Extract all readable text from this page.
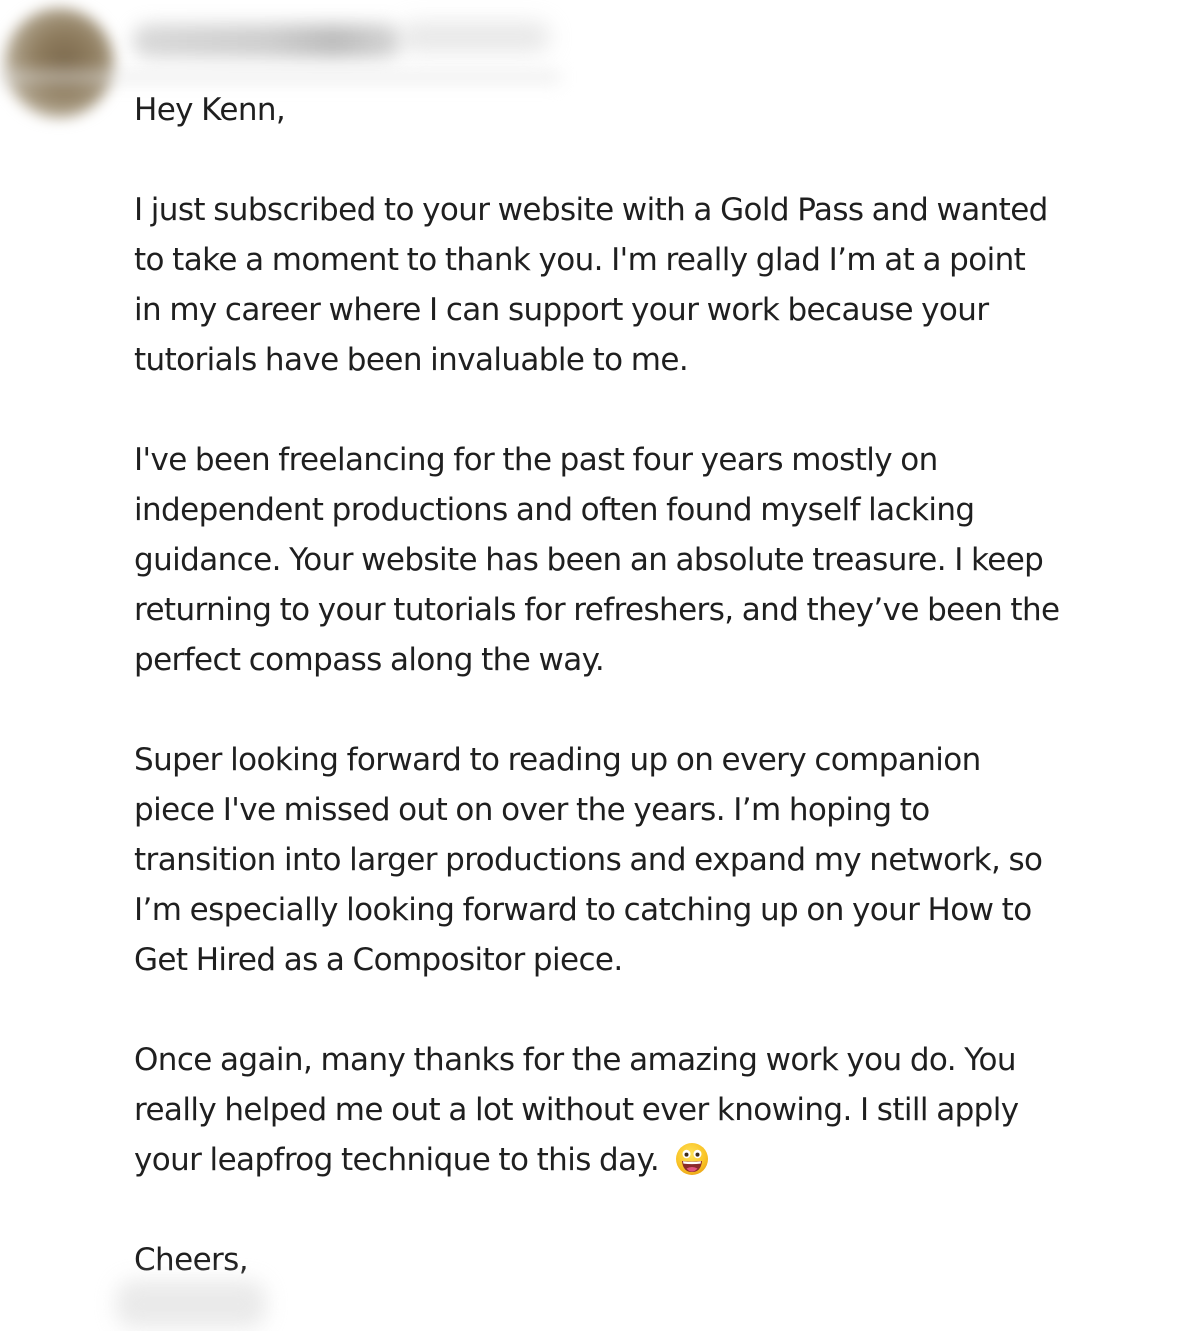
Hey Kenn,
I just subscribed to your website with a Gold Pass and wanted
to take a moment to thank you. I'm really glad I’m at a point
in my career where I can support your work because your
tutorials have been invaluable to me.
I've been freelancing for the past four years mostly on
independent productions and often found myself lacking
guidance. Your website has been an absolute treasure. I keep
returning to your tutorials for refreshers, and they’ve been the
perfect compass along the way.
Super looking forward to reading up on every companion
piece I've missed out on over the years. I’m hoping to
transition into larger productions and expand my network, so
I’m especially looking forward to catching up on your How to
Get Hired as a Compositor piece.
Once again, many thanks for the amazing work you do. You
really helped me out a lot without ever knowing. I still apply
your leapfrog technique to this day.
Cheers,
